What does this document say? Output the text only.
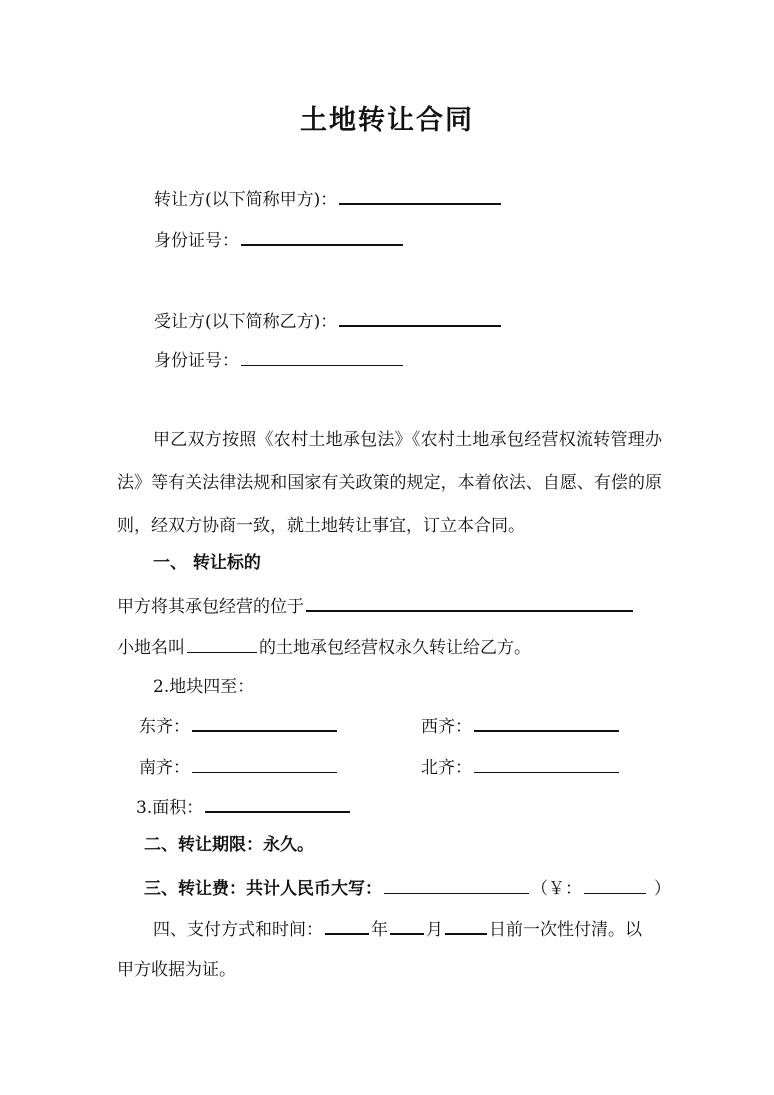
土地转让合同
转让方(以下简称甲方)：
身份证号：
受让方(以下简称乙方)：
身份证号：
甲乙双方按照《农村土地承包法》《农村土地承包经营权流转管理办法》等有关法律法规和国家有关政策的规定，本着依法、自愿、有偿的原则，经双方协商一致，就土地转让事宜，订立本合同。
一、 转让标的
甲方将其承包经营的位于
小地名叫	的土地承包经营权永久转让给乙方。
2.地块四至：
东齐：	西齐：
南齐：	北齐：
3.面积：
二、转让期限：永久。
三、转让费：共计人民币大写：	（￥：	）
四、支付方式和时间：	年 月	日前一次性付清。以
甲方收据为证。
